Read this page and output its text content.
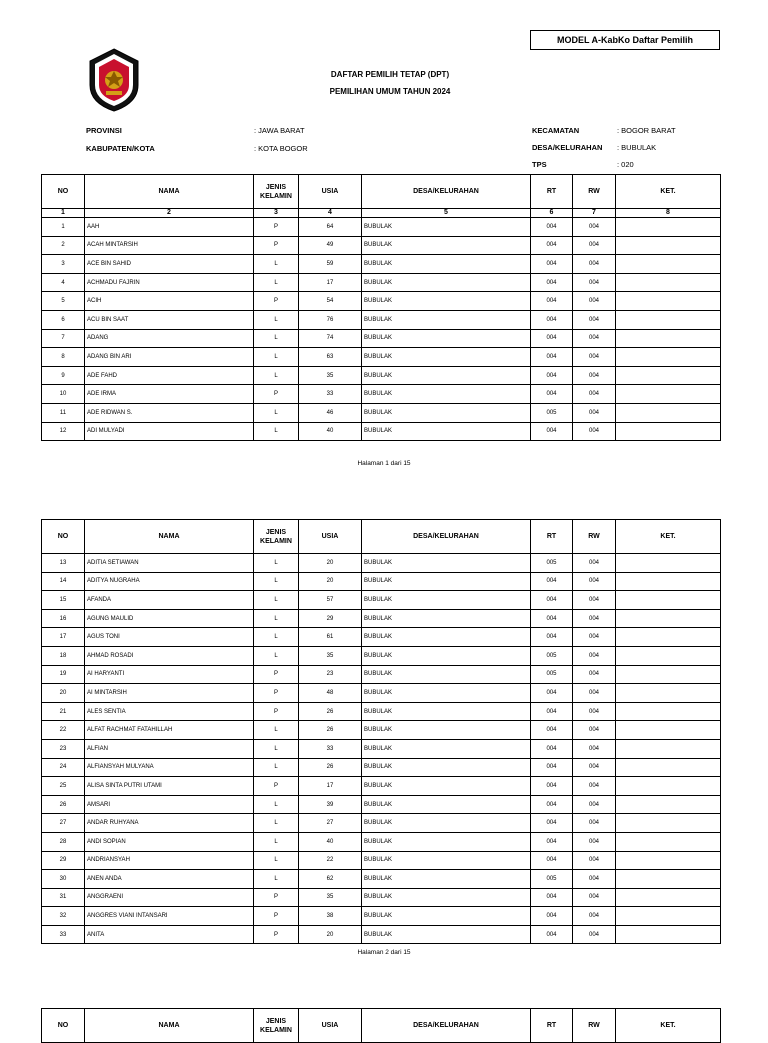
MODEL A-KabKo Daftar Pemilih
DAFTAR PEMILIH TETAP (DPT)
PEMILIHAN UMUM TAHUN 2024
PROVINSI	: JAWA BARAT
KABUPATEN/KOTA	: KOTA BOGOR
KECAMATAN	: BOGOR BARAT
DESA/KELURAHAN : BUBULAK
TPS	: 020
NO	NAMA	JENIS
KELAMIN	USIA	DESA/KELURAHAN	RT	RW	KET.
1	2	3	4	5	6	7	8
1	AAH	P	64	BUBULAK	004	004	
2	ACAH MINTARSIH	P	49	BUBULAK	004	004	
3	ACE BIN SAHID	L	59	BUBULAK	004	004	
4	ACHMADU FAJRIN	L	17	BUBULAK	004	004	
5	ACIH	P	54	BUBULAK	004	004	
6	ACU BIN SAAT	L	76	BUBULAK	004	004	
7	ADANG	L	74	BUBULAK	004	004	
8	ADANG BIN ARI	L	63	BUBULAK	004	004	
9	ADE FAHD	L	35	BUBULAK	004	004	
10	ADE IRMA	P	33	BUBULAK	004	004	
11	ADE RIDWAN S.	L	46	BUBULAK	005	004	
12	ADI MULYADI	L	40	BUBULAK	004	004	
Halaman 1 dari 15
NO	NAMA	JENIS
KELAMIN	USIA	DESA/KELURAHAN	RT	RW	KET.
13	ADITIA SETIAWAN	L	20	BUBULAK	005	004	
14	ADITYA NUGRAHA	L	20	BUBULAK	004	004	
15	AFANDA	L	57	BUBULAK	004	004	
16	AGUNG MAULID	L	29	BUBULAK	004	004	
17	AGUS TONI	L	61	BUBULAK	004	004	
18	AHMAD ROSADI	L	35	BUBULAK	005	004	
19	AI HARYANTI	P	23	BUBULAK	005	004	
20	AI MINTARSIH	P	48	BUBULAK	004	004	
21	ALES SENTIA	P	26	BUBULAK	004	004	
22	ALFAT RACHMAT FATAHILLAH	L	26	BUBULAK	004	004	
23	ALFIAN	L	33	BUBULAK	004	004	
24	ALFIANSYAH MULYANA	L	26	BUBULAK	004	004	
25	ALISA SINTA PUTRI UTAMI	P	17	BUBULAK	004	004	
26	AMSARI	L	39	BUBULAK	004	004	
27	ANDAR RUHYANA	L	27	BUBULAK	004	004	
28	ANDI SOPIAN	L	40	BUBULAK	004	004	
29	ANDRIANSYAH	L	22	BUBULAK	004	004	
30	ANEN ANDA	L	62	BUBULAK	005	004	
31	ANGGRAENI	P	35	BUBULAK	004	004	
32	ANGGRES VIANI INTANSARI	P	38	BUBULAK	004	004	
33	ANITA	P	20	BUBULAK	004	004	
Halaman 2 dari 15
NO	NAMA	JENIS
KELAMIN	USIA	DESA/KELURAHAN	RT	RW	KET.
